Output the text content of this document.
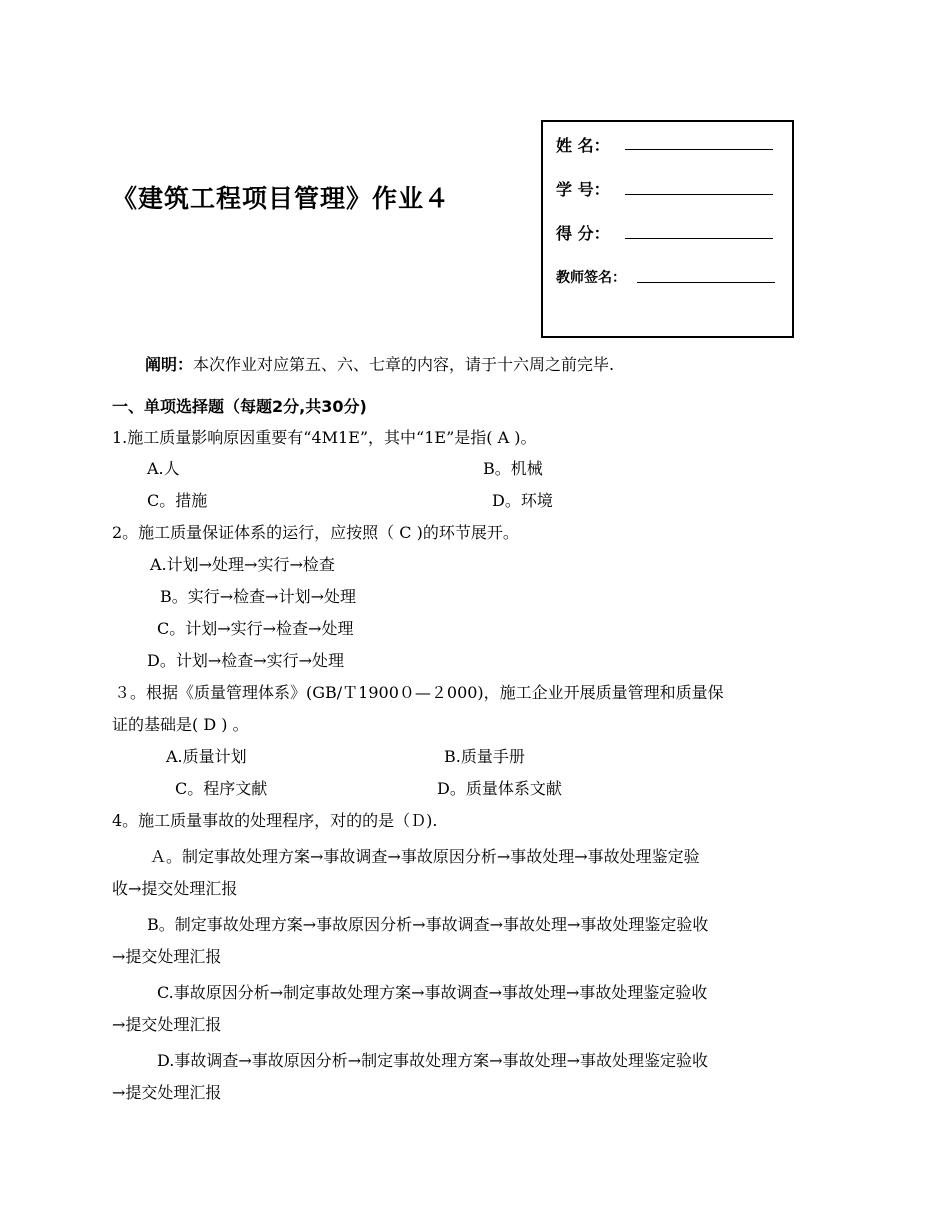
《建筑工程项目管理》作业４
姓 名：
学 号：
得 分：
教师签名：
阐明：本次作业对应第五、六、七章的内容，请于十六周之前完毕.
一、单项选择题（每题2分,共30分)
1.施工质量影响原因重要有“4M1E”，其中“1E”是指( A )。
A.人	B。机械
C。措施	D。环境
2。施工质量保证体系的运行，应按照（ C )的环节展开。
A.计划→处理→实行→检查
B。实行→检查→计划→处理
C。计划→实行→检查→处理
D。计划→检查→实行→处理
３。根据《质量管理体系》(GB/Ｔ1900０—２000)，施工企业开展质量管理和质量保
证的基础是( D ) 。
A.质量计划	B.质量手册
C。程序文献	D。质量体系文献
4。施工质量事故的处理程序，对的的是（Ｄ).
Ａ。制定事故处理方案→事故调查→事故原因分析→事故处理→事故处理鉴定验
收→提交处理汇报
B。制定事故处理方案→事故原因分析→事故调查→事故处理→事故处理鉴定验收
→提交处理汇报
C.事故原因分析→制定事故处理方案→事故调查→事故处理→事故处理鉴定验收
→提交处理汇报
D.事故调查→事故原因分析→制定事故处理方案→事故处理→事故处理鉴定验收
→提交处理汇报
